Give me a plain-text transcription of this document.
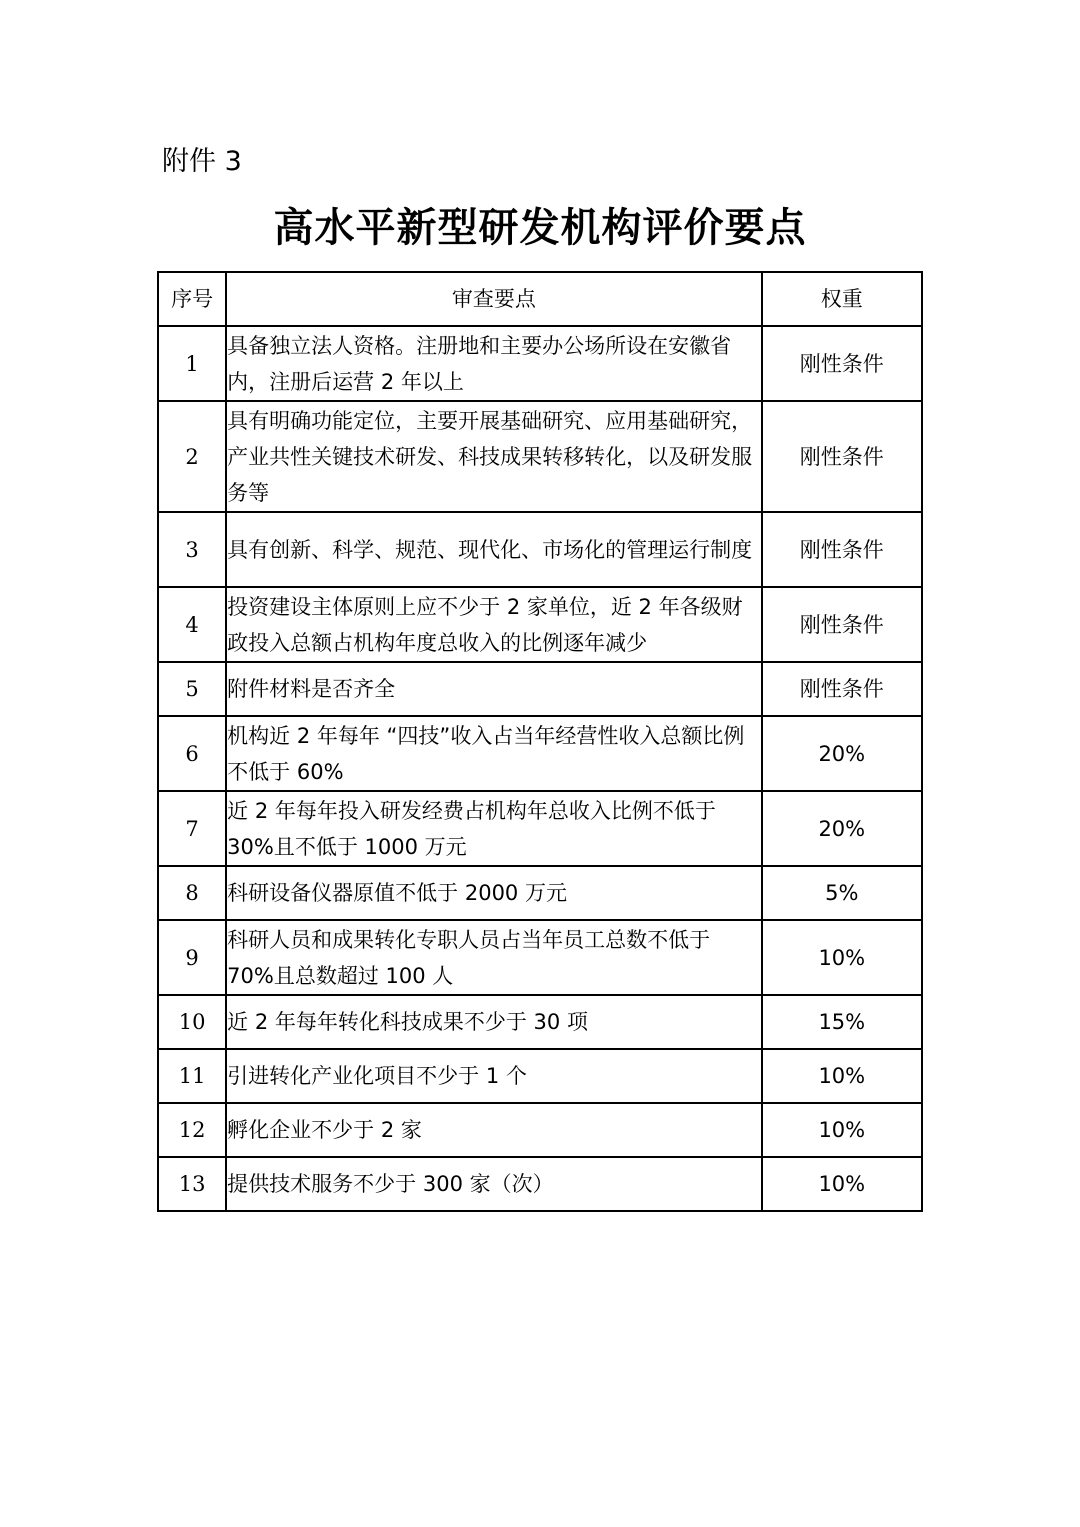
附件 3
高水平新型研发机构评价要点
序号	审查要点	权重
1	具备独立法人资格。注册地和主要办公场所设在安徽省内，注册后运营 2 年以上	刚性条件
2	具有明确功能定位，主要开展基础研究、应用基础研究，产业共性关键技术研发、科技成果转移转化，以及研发服务等	刚性条件
3	具有创新、科学、规范、现代化、市场化的管理运行制度	刚性条件
4	投资建设主体原则上应不少于 2 家单位，近 2 年各级财政投入总额占机构年度总收入的比例逐年减少	刚性条件
5	附件材料是否齐全	刚性条件
6	机构近 2 年每年 “四技”收入占当年经营性收入总额比例不低于 60%	20%
7	近 2 年每年投入研发经费占机构年总收入比例不低于 30%且不低于 1000 万元	20%
8	科研设备仪器原值不低于 2000 万元	5%
9	科研人员和成果转化专职人员占当年员工总数不低于 70%且总数超过 100 人	10%
10	近 2 年每年转化科技成果不少于 30 项	15%
11	引进转化产业化项目不少于 1 个	10%
12	孵化企业不少于 2 家	10%
13	提供技术服务不少于 300 家（次）	10%
